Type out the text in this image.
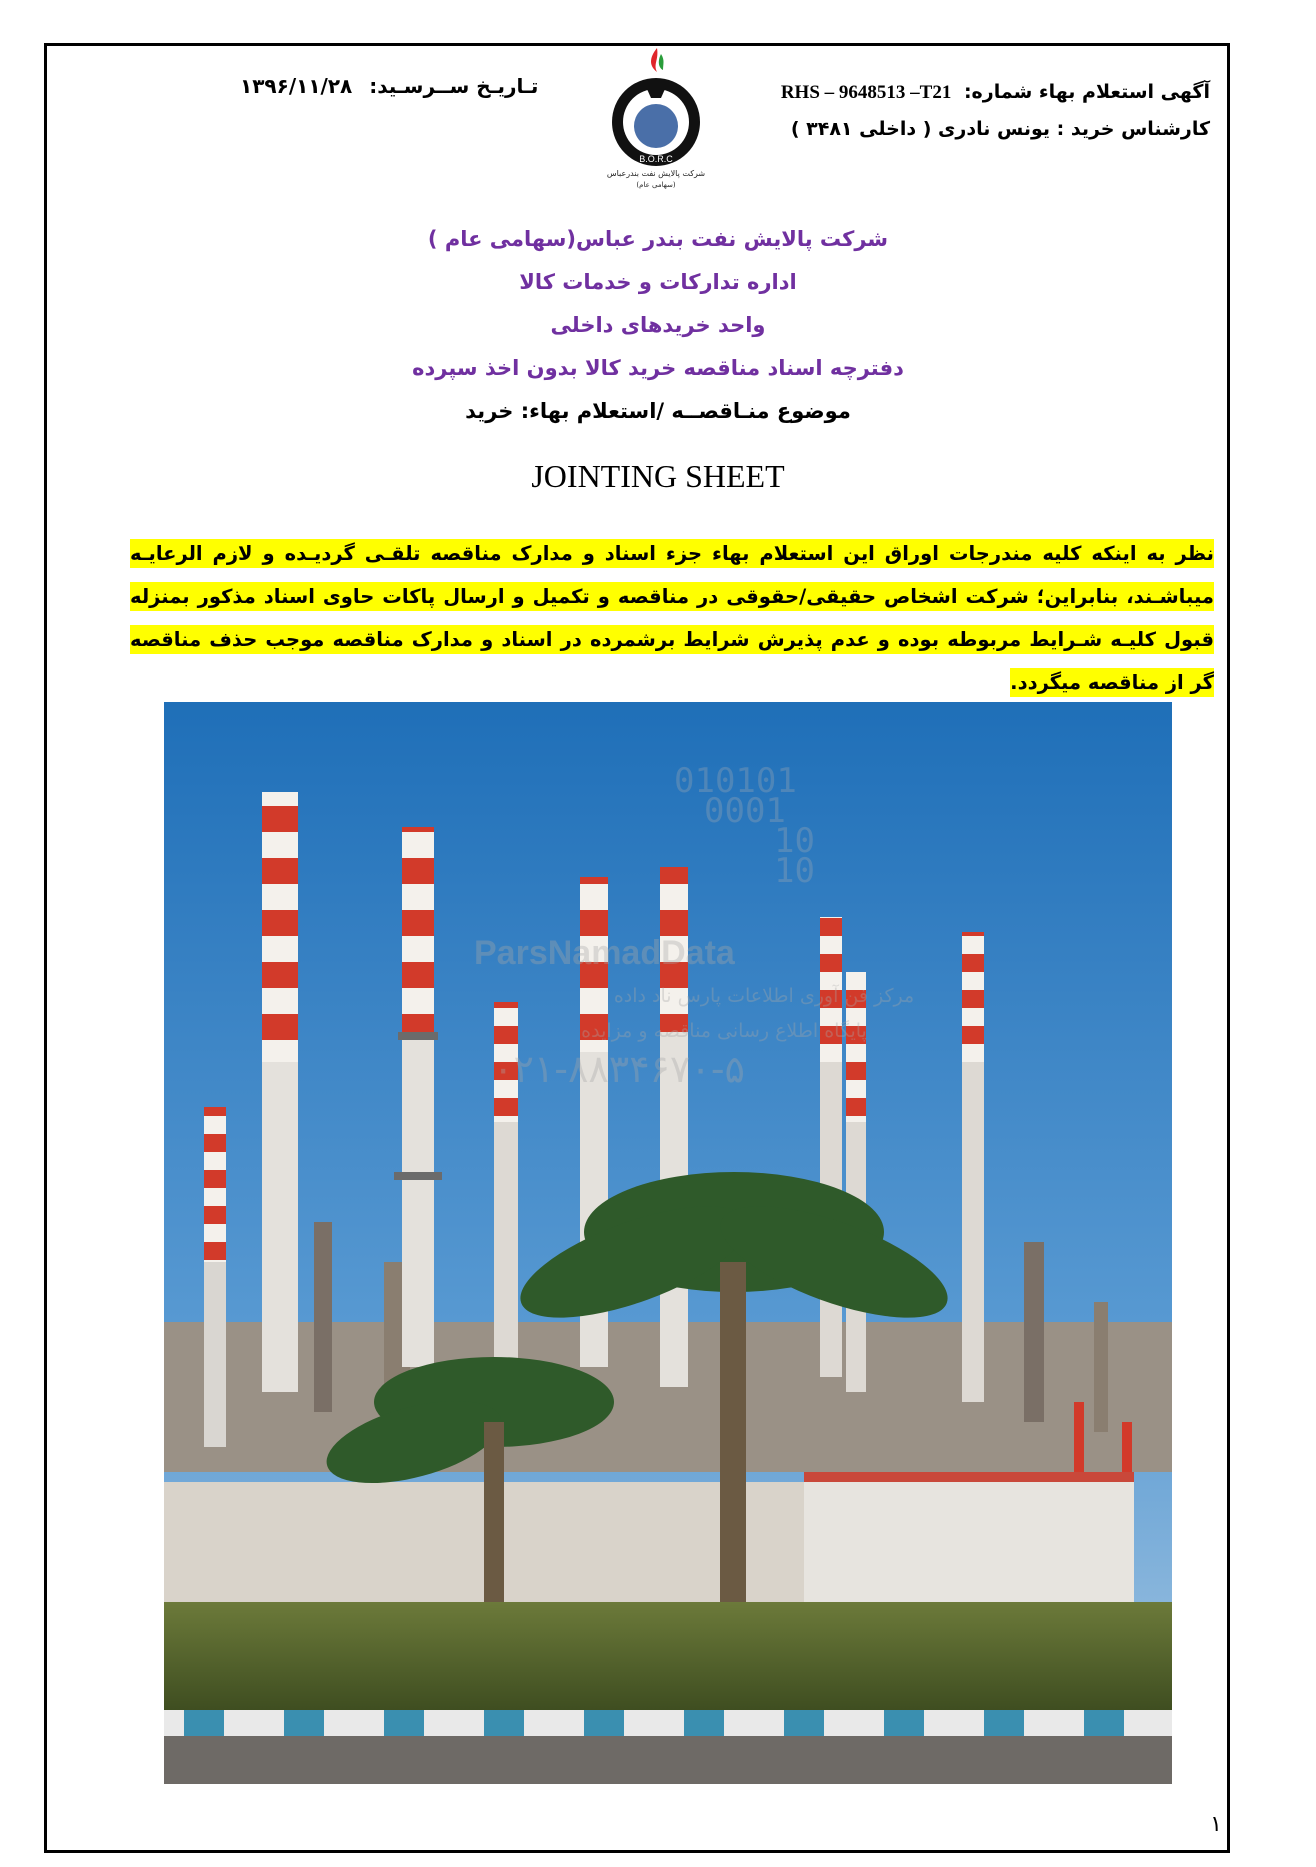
آگهی استعلام بهاء شماره: RHS – 9648513 –T21
کارشناس خرید : یونس نادری ( داخلی ۳۴۸۱ )
تـاریـخ ســرسـید: ۱۳۹۶/۱۱/۲۸
B.O.R.C
شرکت پالایش نفت بندرعباس
(سهامی عام)
شرکت پالایش نفت بندر عباس(سهامی عام )
اداره تدارکات و خدمات کالا
واحد خریدهای داخلی
دفترچه اسناد مناقصه خرید کالا بدون اخذ سپرده
موضوع منـاقصــه /استعلام بهاء: خرید
JOINTING SHEET
نظر به اینکه کلیه مندرجات اوراق این استعلام بهاء جزء اسناد و مدارک مناقصه تلقـی گردیـده و لازم الرعایـه میباشـند، بنابراین؛ شرکت اشخاص حقیقی/حقوقی در مناقصه و تکمیل و ارسال پاکات حاوی اسناد مذکور بمنزله قبول کلیـه شـرایط مربوطه بوده و عدم پذیرش شرایط برشمرده در اسناد و مدارک مناقصه موجب حذف مناقصه گر از مناقصه میگردد.
010101
0001
10
10
ParsNamadData
مرکز فن آوری اطلاعات پارس ناد داده
پایگاه اطلاع رسانی مناقصه و مزایده
۰۲۱-۸۸۳۴۶۷۰-۵
۱
